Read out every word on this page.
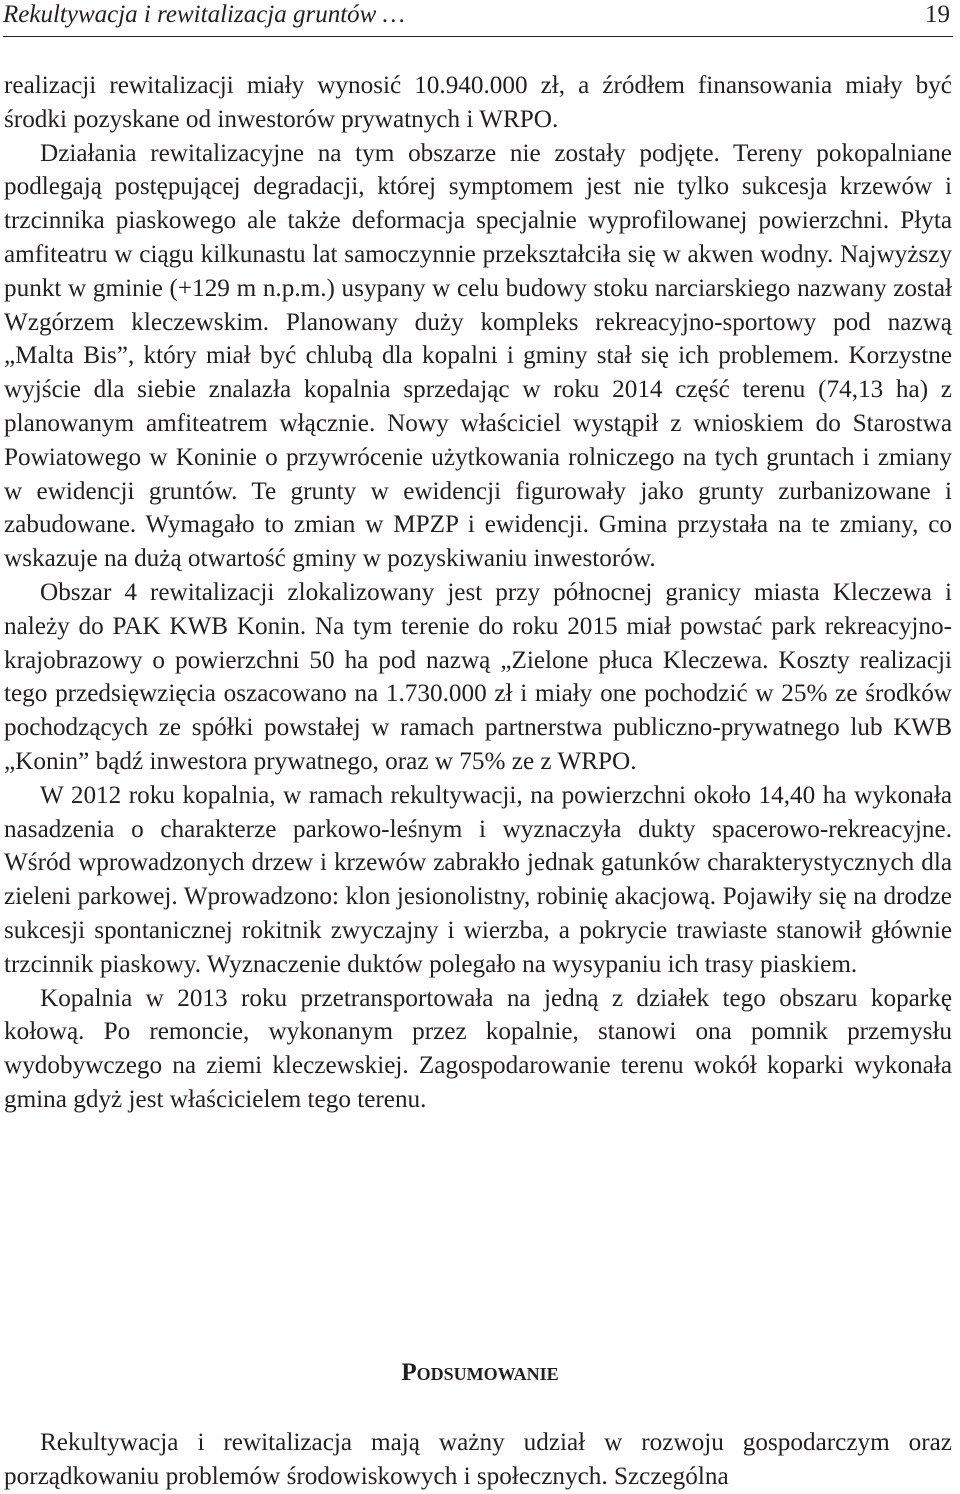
Rekultywacja i rewitalizacja gruntów …	19

realizacji rewitalizacji miały wynosić 10.940.000 zł, a źródłem finansowania miały być środki pozyskane od inwestorów prywatnych i WRPO.

Działania rewitalizacyjne na tym obszarze nie zostały podjęte. Tereny pokopalniane podlegają postępującej degradacji, której symptomem jest nie tylko sukcesja krzewów i trzcinnika piaskowego ale także deformacja specjalnie wyprofilowanej powierzchni. Płyta amfiteatru w ciągu kilkunastu lat samoczynnie przekształciła się w akwen wodny. Najwyższy punkt w gminie (+129 m n.p.m.) usypany w celu budowy stoku narciarskiego nazwany został Wzgórzem kleczewskim. Planowany duży kompleks rekreacyjno-sportowy pod nazwą „Malta Bis”, który miał być chlubą dla kopalni i gminy stał się ich problemem. Korzystne wyjście dla siebie znalazła kopalnia sprzedając w roku 2014 część terenu (74,13 ha) z planowanym amfiteatrem włącznie. Nowy właściciel wystąpił z wnioskiem do Starostwa Powiatowego w Koninie o przywrócenie użytkowania rolniczego na tych gruntach i zmiany w ewidencji gruntów. Te grunty w ewidencji figurowały jako grunty zurbanizowane i zabudowane. Wymagało to zmian w MPZP i ewidencji. Gmina przystała na te zmiany, co wskazuje na dużą otwartość gminy w pozyskiwaniu inwestorów.

Obszar 4 rewitalizacji zlokalizowany jest przy północnej granicy miasta Kleczewa i należy do PAK KWB Konin. Na tym terenie do roku 2015 miał powstać park rekreacyjno-krajobrazowy o powierzchni 50 ha pod nazwą „Zielone płuca Kleczewa. Koszty realizacji tego przedsięwzięcia oszacowano na 1.730.000 zł i miały one pochodzić w 25% ze środków pochodzących ze spółki powstałej w ramach partnerstwa publiczno-prywatnego lub KWB „Konin” bądź inwestora prywatnego, oraz w 75% ze z WRPO.

W 2012 roku kopalnia, w ramach rekultywacji, na powierzchni około 14,40 ha wykonała nasadzenia o charakterze parkowo-leśnym i wyznaczyła dukty spacerowo-rekreacyjne. Wśród wprowadzonych drzew i krzewów zabrakło jednak gatunków charakterystycznych dla zieleni parkowej. Wprowadzono: klon jesionolistny, robinię akacjową. Pojawiły się na drodze sukcesji spontanicznej rokitnik zwyczajny i wierzba, a pokrycie trawiaste stanowił głównie trzcinnik piaskowy. Wyznaczenie duktów polegało na wysypaniu ich trasy piaskiem.

Kopalnia w 2013 roku przetransportowała na jedną z działek tego obszaru koparkę kołową. Po remoncie, wykonanym przez kopalnie, stanowi ona pomnik przemysłu wydobywczego na ziemi kleczewskiej. Zagospodarowanie terenu wokół koparki wykonała gmina gdyż jest właścicielem tego terenu.

Podsumowanie

Rekultywacja i rewitalizacja mają ważny udział w rozwoju gospodarczym oraz porządkowaniu problemów środowiskowych i społecznych. Szczególna
